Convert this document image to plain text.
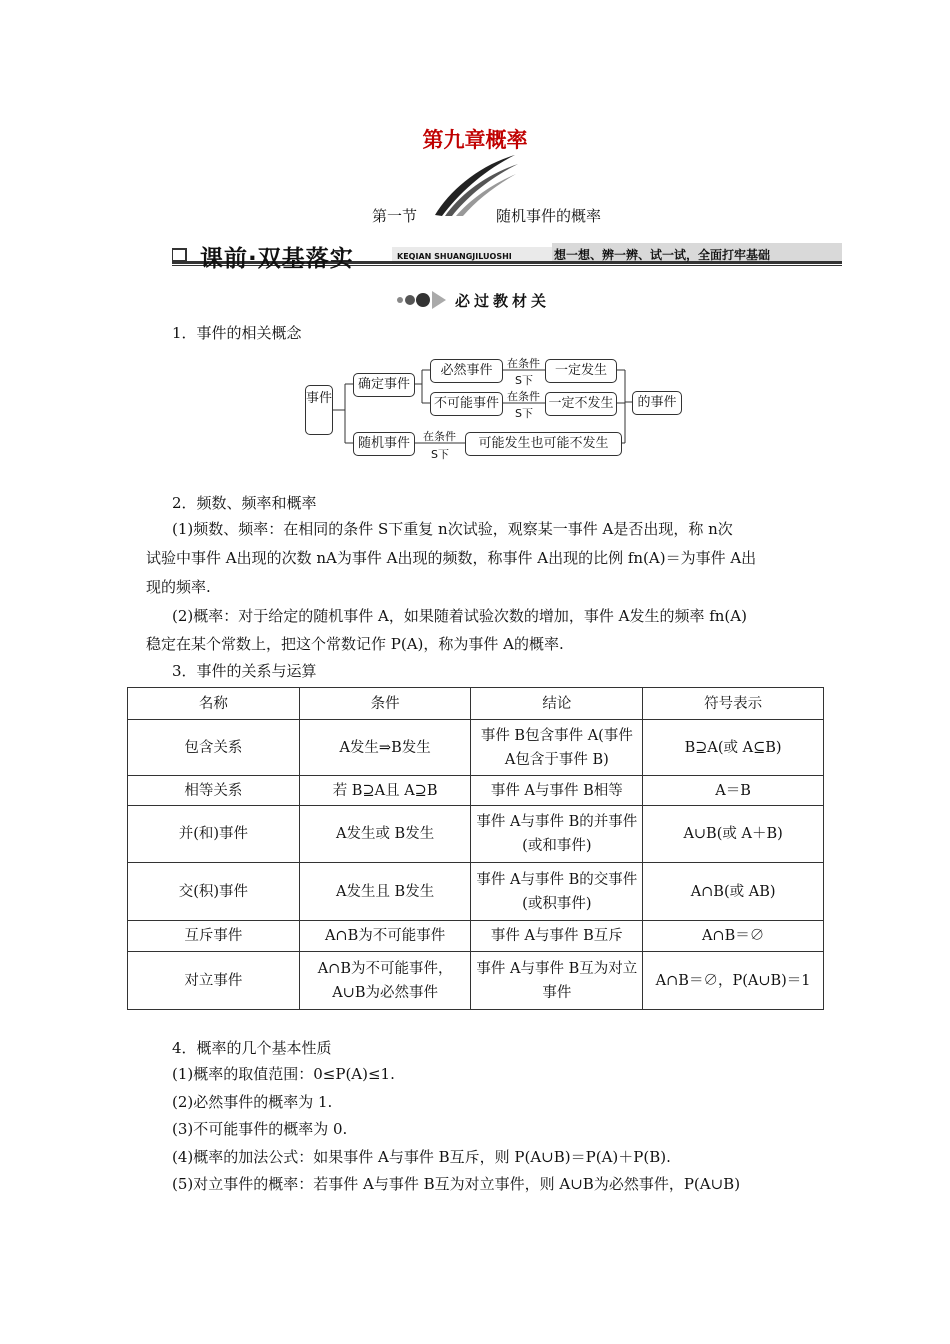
第九章概率
第一节	随机事件的概率
课前·双基落实	KEQIAN SHUANGJILUOSHI	想一想、辨一辨、试一试，全面打牢基础
必过教材关
1．事件的相关概念
事件
确定事件
必然事件
不可能事件
随机事件
在条件
S下
在条件
S下
在条件
S下
一定发生
一定不发生
可能发生也可能不发生
的事件
2．频数、频率和概率
(1)频数、频率：在相同的条件 S下重复 n次试验，观察某一事件 A是否出现，称 n次
试验中事件 A出现的次数 nA为事件 A出现的频数，称事件 A出现的比例 fn(A)＝为事件 A出
现的频率.
(2)概率：对于给定的随机事件 A，如果随着试验次数的增加，事件 A发生的频率 fn(A)
稳定在某个常数上，把这个常数记作 P(A)，称为事件 A的概率.
3．事件的关系与运算
名称	条件	结论	符号表示
包含关系	A发生⇒B发生	事件 B包含事件 A(事件 A包含于事件 B)	B⊇A(或 A⊆B)
相等关系	若 B⊇A且 A⊇B	事件 A与事件 B相等	A＝B
并(和)事件	A发生或 B发生	事件 A与事件 B的并事件(或和事件)	A∪B(或 A＋B)
交(积)事件	A发生且 B发生	事件 A与事件 B的交事件(或积事件)	A∩B(或 AB)
互斥事件	A∩B为不可能事件	事件 A与事件 B互斥	A∩B＝∅
对立事件	A∩B为不可能事件，A∪B为必然事件	事件 A与事件 B互为对立事件	A∩B＝∅，P(A∪B)＝1
4．概率的几个基本性质
(1)概率的取值范围：0≤P(A)≤1.
(2)必然事件的概率为 1.
(3)不可能事件的概率为 0.
(4)概率的加法公式：如果事件 A与事件 B互斥，则 P(A∪B)＝P(A)＋P(B).
(5)对立事件的概率：若事件 A与事件 B互为对立事件，则 A∪B为必然事件，P(A∪B)
